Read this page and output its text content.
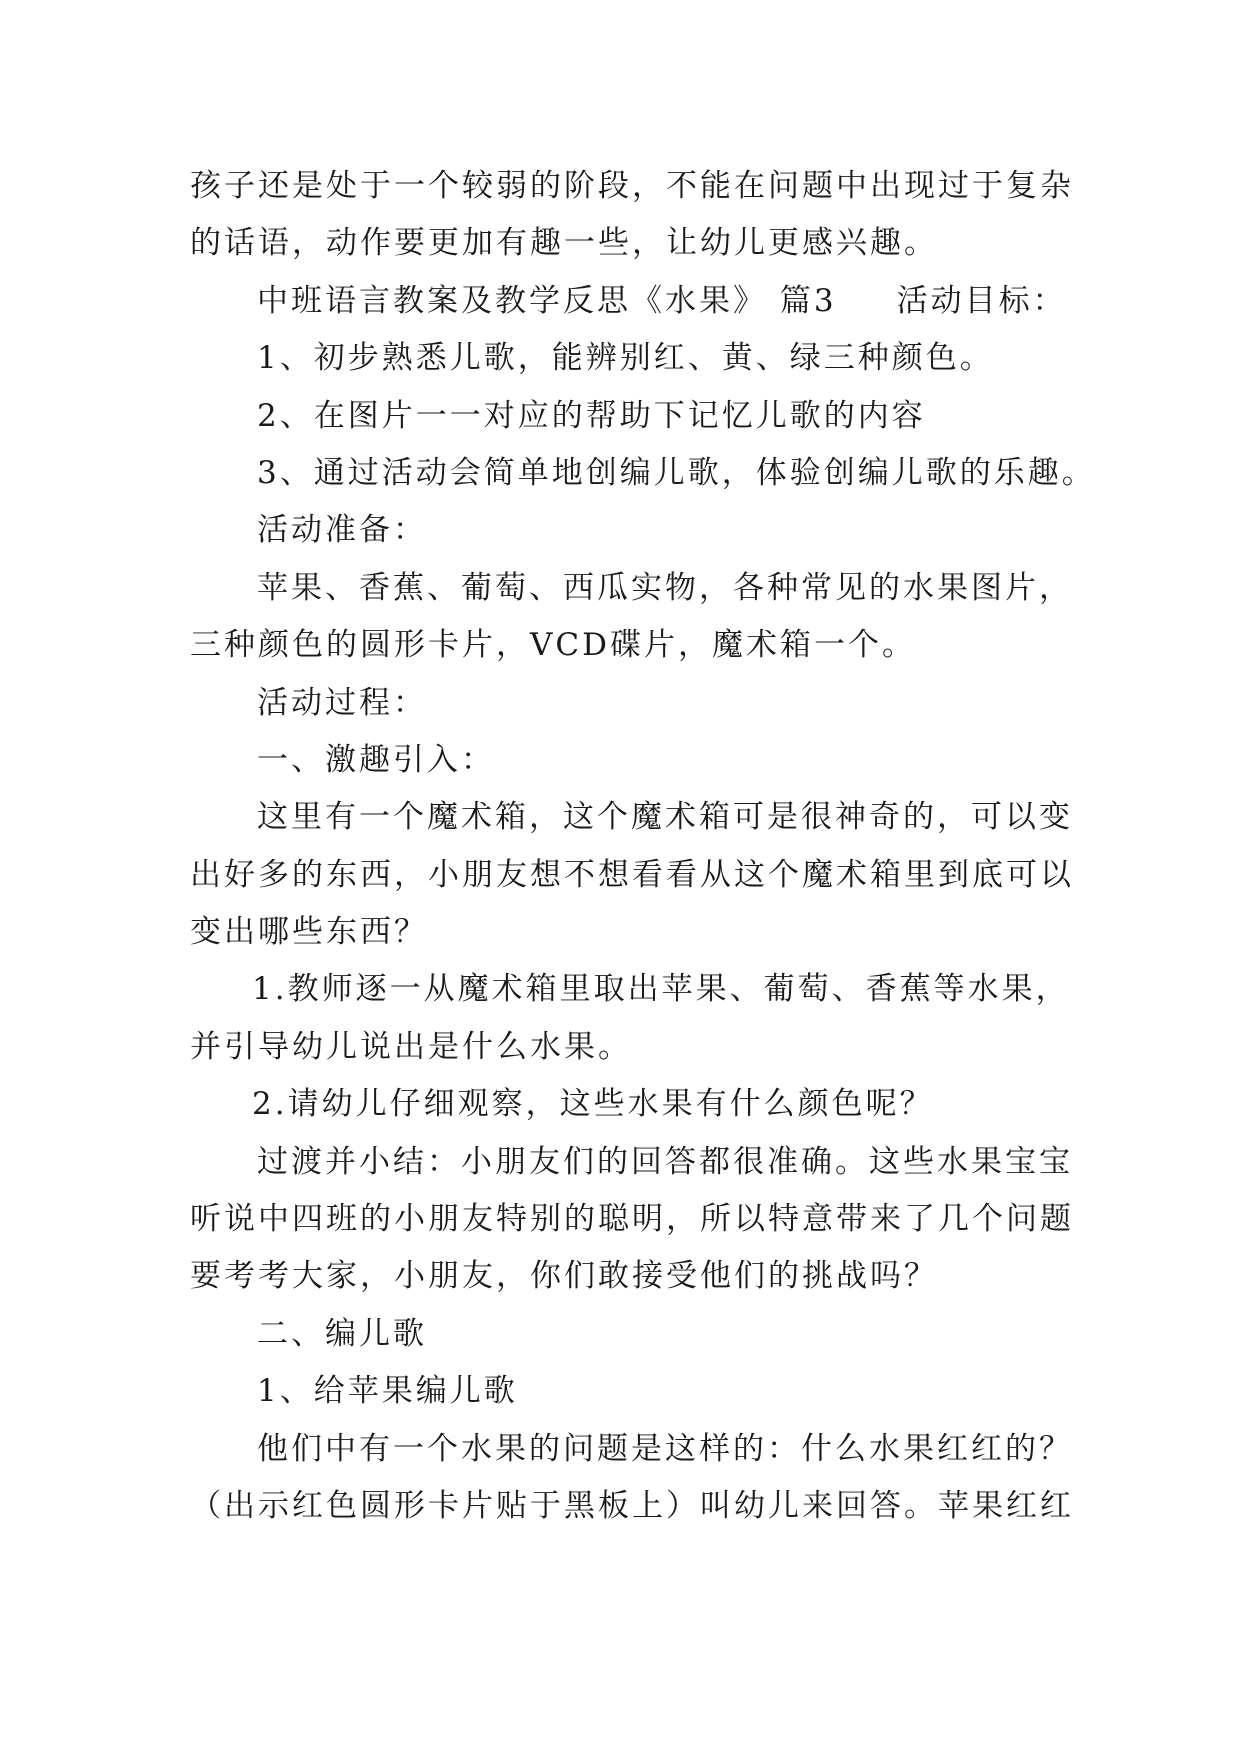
孩子还是处于一个较弱的阶段，不能在问题中出现过于复杂
的话语，动作要更加有趣一些，让幼儿更感兴趣。
中班语言教案及教学反思《水果》 篇3 活动目标：
1、初步熟悉儿歌，能辨别红、黄、绿三种颜色。
2、在图片一一对应的帮助下记忆儿歌的内容
3、通过活动会简单地创编儿歌，体验创编儿歌的乐趣。
活动准备：
苹果、香蕉、葡萄、西瓜实物，各种常见的水果图片，
三种颜色的圆形卡片，VCD碟片，魔术箱一个。
活动过程：
一、激趣引入：
这里有一个魔术箱，这个魔术箱可是很神奇的，可以变
出好多的东西，小朋友想不想看看从这个魔术箱里到底可以
变出哪些东西？
1.教师逐一从魔术箱里取出苹果、葡萄、香蕉等水果，
并引导幼儿说出是什么水果。
2.请幼儿仔细观察，这些水果有什么颜色呢？
过渡并小结：小朋友们的回答都很准确。这些水果宝宝
听说中四班的小朋友特别的聪明，所以特意带来了几个问题
要考考大家，小朋友，你们敢接受他们的挑战吗？
二、编儿歌
1、给苹果编儿歌
他们中有一个水果的问题是这样的：什么水果红红的？
（出示红色圆形卡片贴于黑板上）叫幼儿来回答。苹果红红
